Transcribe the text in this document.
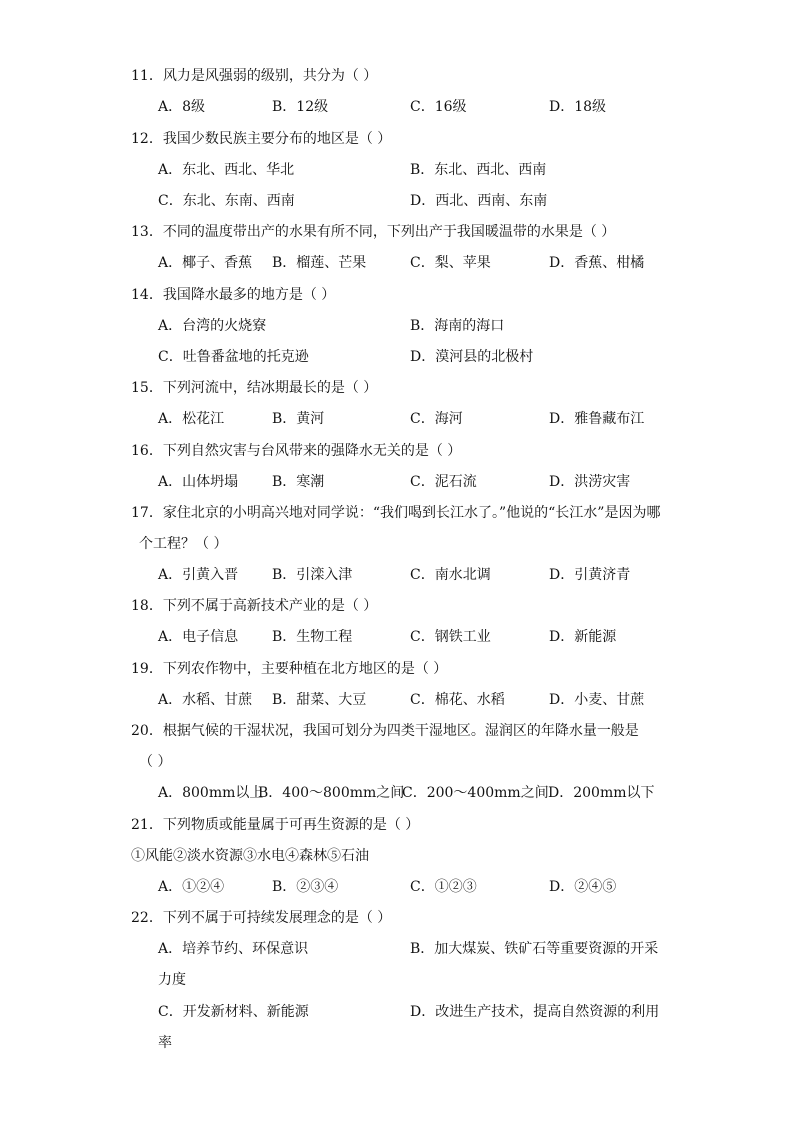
11．风力是风强弱的级别，共分为（ ）
A．8级	B．12级	C．16级	D．18级
12．我国少数民族主要分布的地区是（ ）
A．东北、西北、华北	B．东北、西北、西南
C．东北、东南、西南	D．西北、西南、东南
13．不同的温度带出产的水果有所不同，下列出产于我国暖温带的水果是（ ）
A．椰子、香蕉 B．榴莲、芒果	C．梨、苹果	D．香蕉、柑橘
14．我国降水最多的地方是（ ）
A．台湾的火烧寮	B．海南的海口
C．吐鲁番盆地的托克逊	D．漠河县的北极村
15．下列河流中，结冰期最长的是（ ）
A．松花江	B．黄河	C．海河	D．雅鲁藏布江
16．下列自然灾害与台风带来的强降水无关的是（ ）
A．山体坍塌 B．寒潮	C．泥石流	D．洪涝灾害
17．家住北京的小明高兴地对同学说：“我们喝到长江水了。”他说的“长江水”是因为哪
个工程？（ ）
A．引黄入晋 B．引滦入津	C．南水北调	D．引黄济青
18．下列不属于高新技术产业的是（ ）
A．电子信息 B．生物工程	C．钢铁工业	D．新能源
19．下列农作物中，主要种植在北方地区的是（ ）
A．水稻、甘蔗 B．甜菜、大豆	C．棉花、水稻	D．小麦、甘蔗
20．根据气候的干湿状况，我国可划分为四类干湿地区。湿润区的年降水量一般是
（ ）
A．800mm以上
B．400～800mm之间
C．200～400mm之间 D．200mm以下
21．下列物质或能量属于可再生资源的是（ ）
①风能②淡水资源③水电④森林⑤石油
A．①②④	B．②③④	C．①②③	D．②④⑤
22．下列不属于可持续发展理念的是（ ）
A．培养节约、环保意识	B．加大煤炭、铁矿石等重要资源的开采
力度
C．开发新材料、新能源	D．改进生产技术，提高自然资源的利用
率
